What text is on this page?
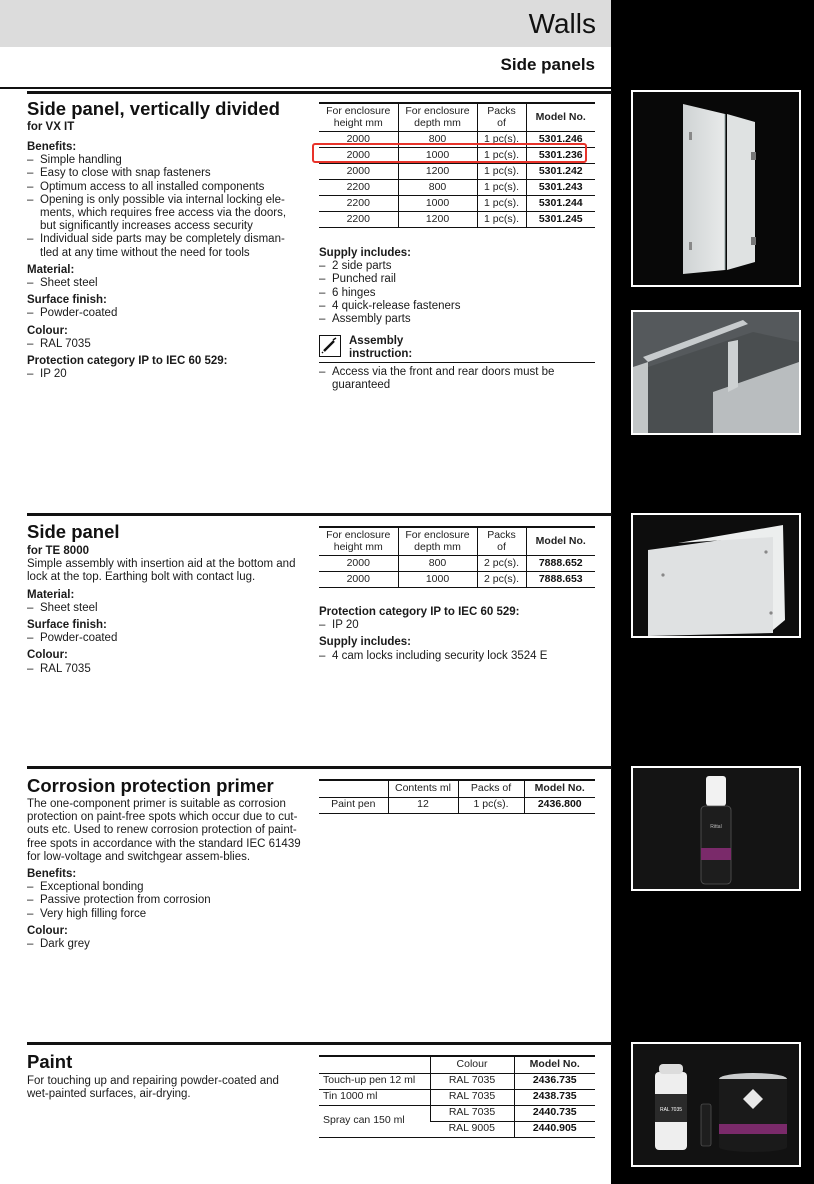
Walls
Side panels
Side panel, vertically divided
for VX IT
Benefits:
– Simple handling
– Easy to close with snap fasteners
– Optimum access to all installed components
– Opening is only possible via internal locking ele-ments, which requires free access via the doors, but significantly increases access security
– Individual side parts may be completely disman-tled at any time without the need for tools
Material:
– Sheet steel
Surface finish:
– Powder-coated
Colour:
– RAL 7035
Protection category IP to IEC 60 529:
– IP 20
For enclosure height mm	For enclosure depth mm	Packs of	Model No.
2000	800	1 pc(s).	5301.246
2000	1000	1 pc(s).	5301.236
2000	1200	1 pc(s).	5301.242
2200	800	1 pc(s).	5301.243
2200	1000	1 pc(s).	5301.244
2200	1200	1 pc(s).	5301.245
Supply includes:
– 2 side parts
– Punched rail
– 6 hinges
– 4 quick-release fasteners
– Assembly parts
Assembly instruction:
– Access via the front and rear doors must be guaranteed
Side panel
for TE 8000

Simple assembly with insertion aid at the bottom and lock at the top. Earthing bolt with contact lug.

Material:
– Sheet steel
Surface finish:
– Powder-coated
Colour:
– RAL 7035
For enclosure height mm	For enclosure depth mm	Packs of	Model No.
2000	800	2 pc(s).	7888.652
2000	1000	2 pc(s).	7888.653
Protection category IP to IEC 60 529:
– IP 20
Supply includes:
– 4 cam locks including security lock 3524 E
Corrosion protection primer

The one-component primer is suitable as corrosion protection on paint-free spots which occur due to cut-outs etc. Used to renew corrosion protection of paint-free spots in accordance with the standard IEC 61439 for low-voltage and switchgear assem-blies.

Benefits:
– Exceptional bonding
– Passive protection from corrosion
– Very high filling force
Colour:
– Dark grey
	Contents ml	Packs of	Model No.
Paint pen	12	1 pc(s).	2436.800
Rittal
Paint

For touching up and repairing powder-coated and wet-painted surfaces, air-drying.

	Colour	Model No.
Touch-up pen 12 ml	RAL 7035	2436.735
Tin 1000 ml	RAL 7035	2438.735
Spray can 150 ml	RAL 7035	2440.735
	RAL 9005	2440.905
RAL 7035
